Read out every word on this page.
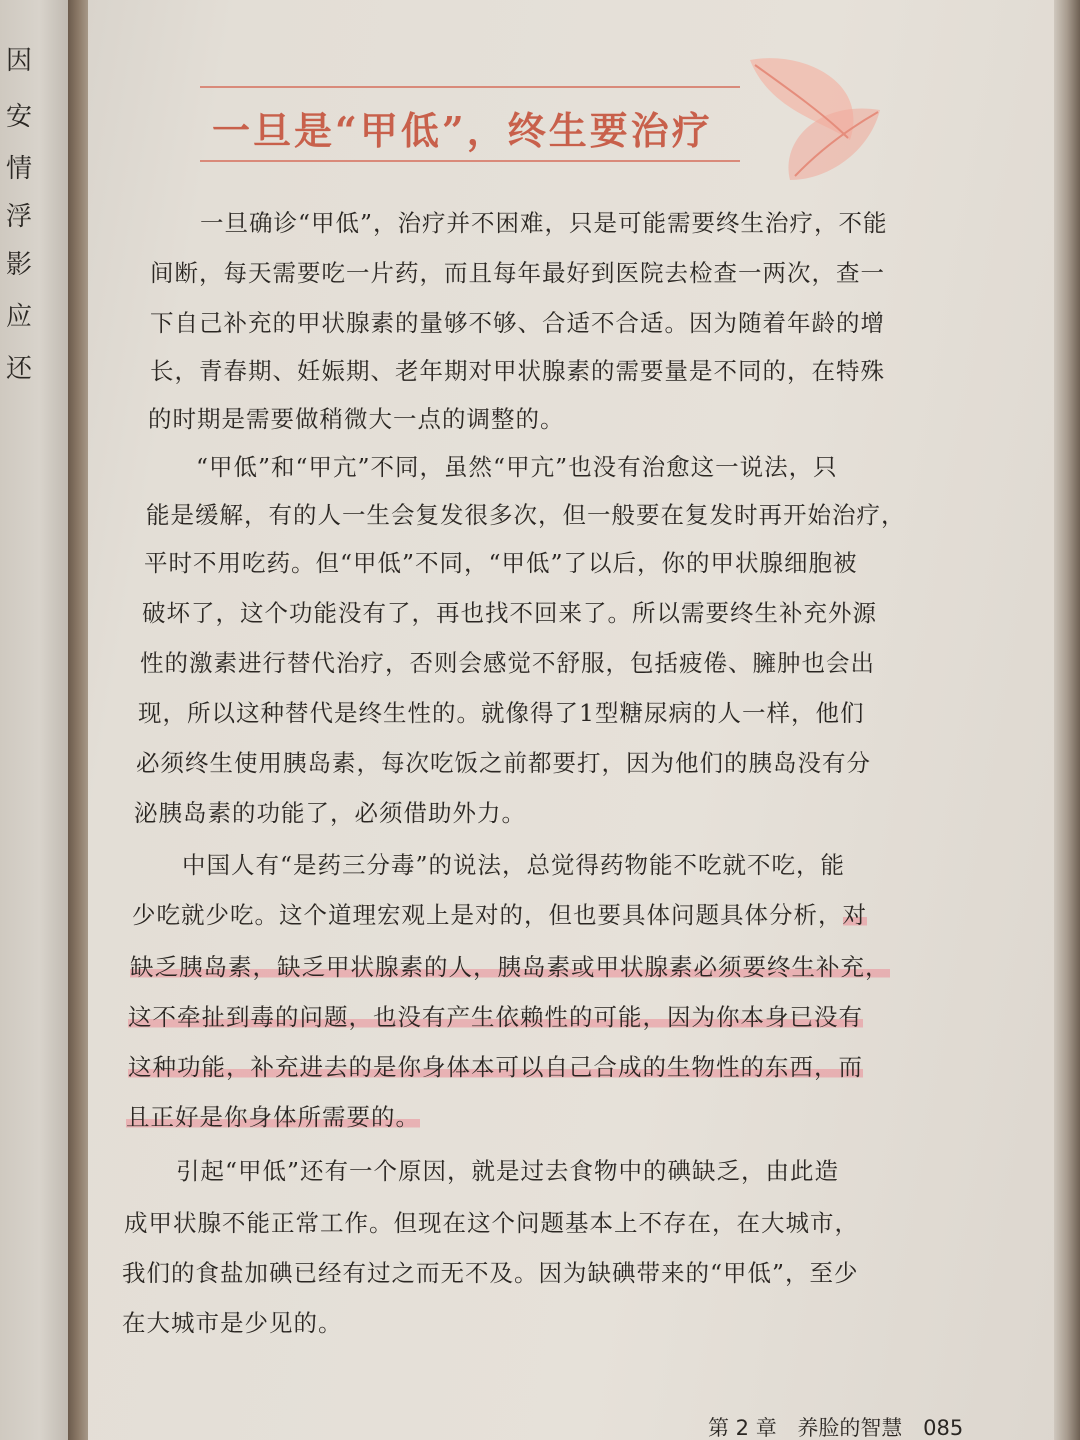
因
安
情
浮
影
应
还
一旦是“甲低”，终生要治疗
一旦确诊“甲低”，治疗并不困难，只是可能需要终生治疗，不能
间断，每天需要吃一片药，而且每年最好到医院去检查一两次，查一
下自己补充的甲状腺素的量够不够、合适不合适。因为随着年龄的增
长，青春期、妊娠期、老年期对甲状腺素的需要量是不同的，在特殊
的时期是需要做稍微大一点的调整的。
“甲低”和“甲亢”不同，虽然“甲亢”也没有治愈这一说法，只
能是缓解，有的人一生会复发很多次，但一般要在复发时再开始治疗，
平时不用吃药。但“甲低”不同，“甲低”了以后，你的甲状腺细胞被
破坏了，这个功能没有了，再也找不回来了。所以需要终生补充外源
性的激素进行替代治疗，否则会感觉不舒服，包括疲倦、臃肿也会出
现，所以这种替代是终生性的。就像得了1型糖尿病的人一样，他们
必须终生使用胰岛素，每次吃饭之前都要打，因为他们的胰岛没有分
泌胰岛素的功能了，必须借助外力。
中国人有“是药三分毒”的说法，总觉得药物能不吃就不吃，能
少吃就少吃。这个道理宏观上是对的，但也要具体问题具体分析，对
缺乏胰岛素，缺乏甲状腺素的人，胰岛素或甲状腺素必须要终生补充，
这不牵扯到毒的问题，也没有产生依赖性的可能，因为你本身已没有
这种功能，补充进去的是你身体本可以自己合成的生物性的东西，而
且正好是你身体所需要的。
引起“甲低”还有一个原因，就是过去食物中的碘缺乏，由此造
成甲状腺不能正常工作。但现在这个问题基本上不存在，在大城市，
我们的食盐加碘已经有过之而无不及。因为缺碘带来的“甲低”，至少
在大城市是少见的。
第 2 章 养脸的智慧 085
